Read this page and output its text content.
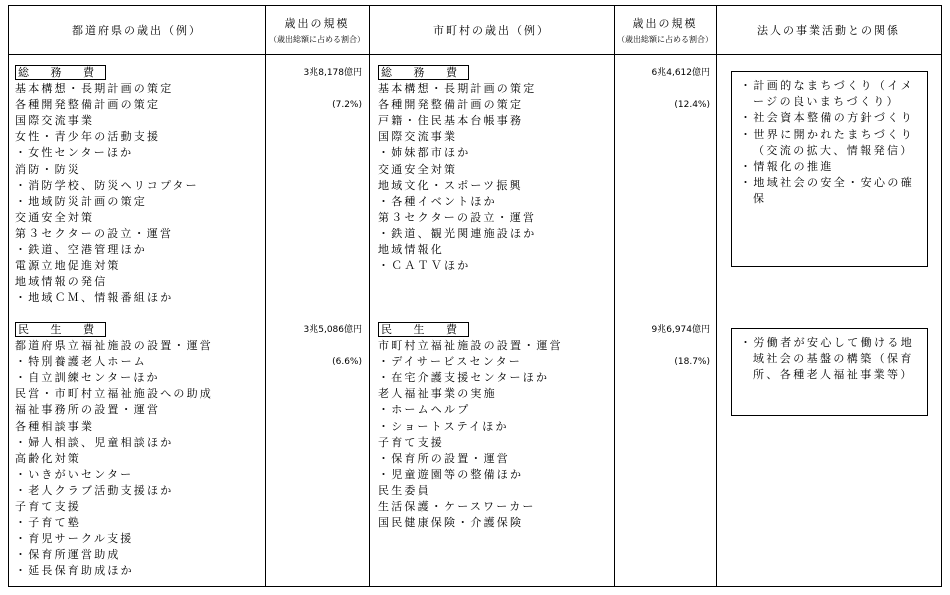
都道府県の歳出（例）
歳出の規模
（歳出総額に占める割合）
市町村の歳出（例）
歳出の規模
（歳出総額に占める割合）
法人の事業活動との関係
総 務 費
基本構想・長期計画の策定
各種開発整備計画の策定
国際交流事業
女性・青少年の活動支援
・女性センターほか
消防・防災
・消防学校、防災ヘリコプター
・地域防災計画の策定
交通安全対策
第３セクターの設立・運営
・鉄道、空港管理ほか
電源立地促進対策
地域情報の発信
・地域ＣＭ、情報番組ほか
3兆8,178億円
(7.2%)
総 務 費
基本構想・長期計画の策定
各種開発整備計画の策定
戸籍・住民基本台帳事務
国際交流事業
・姉妹都市ほか
交通安全対策
地域文化・スポーツ振興
・各種イベントほか
第３セクターの設立・運営
・鉄道、観光関連施設ほか
地域情報化
・ＣＡＴＶほか
6兆4,612億円
(12.4%)
・計画的なまちづくり（イメージの良いまちづくり）
・社会資本整備の方針づくり
・世界に開かれたまちづくり（交流の拡大、情報発信）
・情報化の推進
・地域社会の安全・安心の確保
民 生 費
都道府県立福祉施設の設置・運営
・特別養護老人ホーム
・自立訓練センターほか
民営・市町村立福祉施設への助成
福祉事務所の設置・運営
各種相談事業
・婦人相談、児童相談ほか
高齢化対策
・いきがいセンター
・老人クラブ活動支援ほか
子育て支援
・子育て塾
・育児サークル支援
・保育所運営助成
・延長保育助成ほか
3兆5,086億円
(6.6%)
民 生 費
市町村立福祉施設の設置・運営
・デイサービスセンター
・在宅介護支援センターほか
老人福祉事業の実施
・ホームヘルプ
・ショートステイほか
子育て支援
・保育所の設置・運営
・児童遊園等の整備ほか
民生委員
生活保護・ケースワーカー
国民健康保険・介護保険
9兆6,974億円
(18.7%)
・労働者が安心して働ける地域社会の基盤の構築（保育所、各種老人福祉事業等）
